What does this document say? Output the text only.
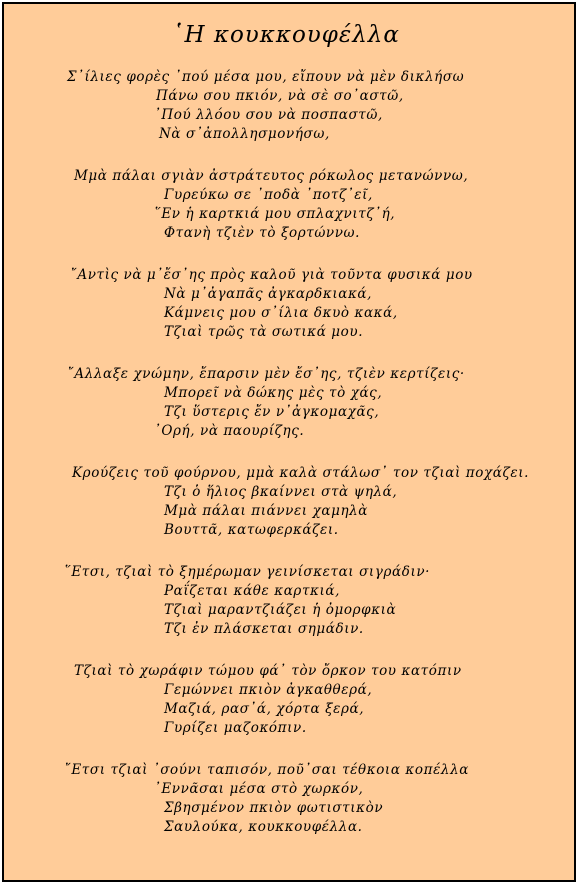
῾Η κουκκουφέλλα
Σ᾿ίλιες φορὲς ᾿πού μέσα μου, εἴπουν νὰ μὲν δικλήσω
Πάνω σου πκιόν, νὰ σὲ σο᾿αστῶ,
᾿Πού λλόου σου νὰ ποσπαστῶ,
Νὰ σ᾿ἀπολλησμονήσω,
Μμὰ πάλαι σγιὰν ἀστράτευτος ρόκωλος μετανώννω,
Γυρεύκω σε ᾿ποδὰ ᾿ποτζ᾿εῖ,
῞Εν ἡ καρτκιά μου σπλαχνιτζ᾿ή,
Φτανὴ τζιὲν τὸ ξορτώννω.
῎Αντὶς νὰ μ᾿ἔσ᾿ης πρὸς καλοῦ γιὰ τοῦντα φυσικά μου
Νὰ μ᾿ἀγαπᾶς ἀγκαρδκιακά,
Κάμνεις μου σ᾿ίλια δκυὸ κακά,
Τζιαὶ τρῶς τὰ σωτικά μου.
῎Αλλαξε χνώμην, ἔπαρσιν μὲν ἔσ᾿ης, τζιὲν κερτίζεις·
Μπορεῖ νὰ δώκης μὲς τὸ χάς,
Τζι ὕστερις ἔν ν᾿ἀγκομαχᾶς,
᾿Ορή, νὰ παουρίζης.
Κρούζεις τοῦ φούρνου, μμὰ καλὰ στάλωσ᾿ τον τζιαὶ ποχάζει.
Τζι ὁ ἥλιος βκαίννει στὰ ψηλά,
Μμὰ πάλαι πιάννει χαμηλὰ
Βουττᾶ, κατωφερκάζει.
῞Ετσι, τζιαὶ τὸ ξημέρωμαν γεινίσκεται σιγράδιν·
Ραΐζεται κάθε καρτκιά,
Τζιαὶ μαραντζιάζει ἡ ὀμορφκιὰ
Τζι ἐν πλάσκεται σημάδιν.
Τζιαὶ τὸ χωράφιν τώμου φά᾿ τὸν ὄρκον του κατόπιν
Γεμώννει πκιὸν ἀγκαθθερά,
Μαζιά, ρασ᾿ά, χόρτα ξερά,
Γυρίζει μαζοκόπιν.
῎Ετσι τζιαὶ ᾿σούνι ταπισόν, ποῦ᾿σαι τέθκοια κοπέλλα
᾿Εννᾶσαι μέσα στὸ χωρκόν,
Σβησμένον πκιὸν φωτιστικὸν
Σαυλούκα, κουκκουφέλλα.
